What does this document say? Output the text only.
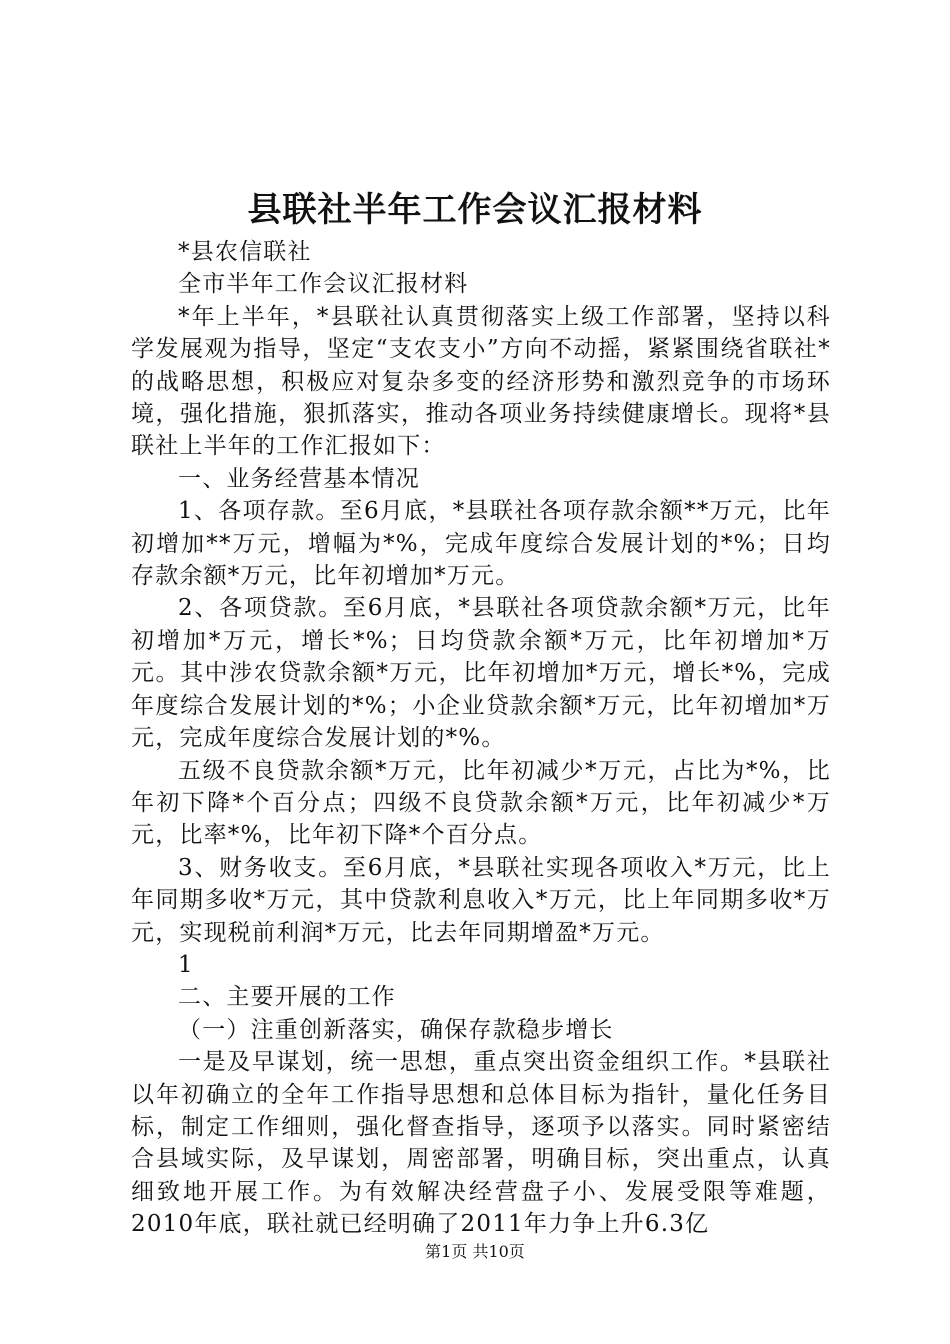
县联社半年工作会议汇报材料

*县农信联社

全市半年工作会议汇报材料

*年上半年，*县联社认真贯彻落实上级工作部署，坚持以科学发展观为指导，坚定“支农支小”方向不动摇，紧紧围绕省联社*的战略思想，积极应对复杂多变的经济形势和激烈竞争的市场环境，强化措施，狠抓落实，推动各项业务持续健康增长。现将*县联社上半年的工作汇报如下：

一、业务经营基本情况

1、各项存款。至6月底，*县联社各项存款余额**万元，比年初增加**万元，增幅为*%，完成年度综合发展计划的*%；日均存款余额*万元，比年初增加*万元。

2、各项贷款。至6月底，*县联社各项贷款余额*万元，比年初增加*万元，增长*%；日均贷款余额*万元，比年初增加*万元。其中涉农贷款余额*万元，比年初增加*万元，增长*%，完成年度综合发展计划的*%；小企业贷款余额*万元，比年初增加*万元，完成年度综合发展计划的*%。

五级不良贷款余额*万元，比年初减少*万元，占比为*%，比年初下降*个百分点；四级不良贷款余额*万元，比年初减少*万元，比率*%，比年初下降*个百分点。

3、财务收支。至6月底，*县联社实现各项收入*万元，比上年同期多收*万元，其中贷款利息收入*万元，比上年同期多收*万元，实现税前利润*万元，比去年同期增盈*万元。

1

二、主要开展的工作

（一）注重创新落实，确保存款稳步增长

一是及早谋划，统一思想，重点突出资金组织工作。*县联社以年初确立的全年工作指导思想和总体目标为指针，量化任务目标，制定工作细则，强化督查指导，逐项予以落实。同时紧密结合县域实际，及早谋划，周密部署，明确目标，突出重点，认真细致地开展工作。为有效解决经营盘子小、发展受限等难题，2010年底，联社就已经明确了2011年力争上升6.3亿

第1页 共10页
